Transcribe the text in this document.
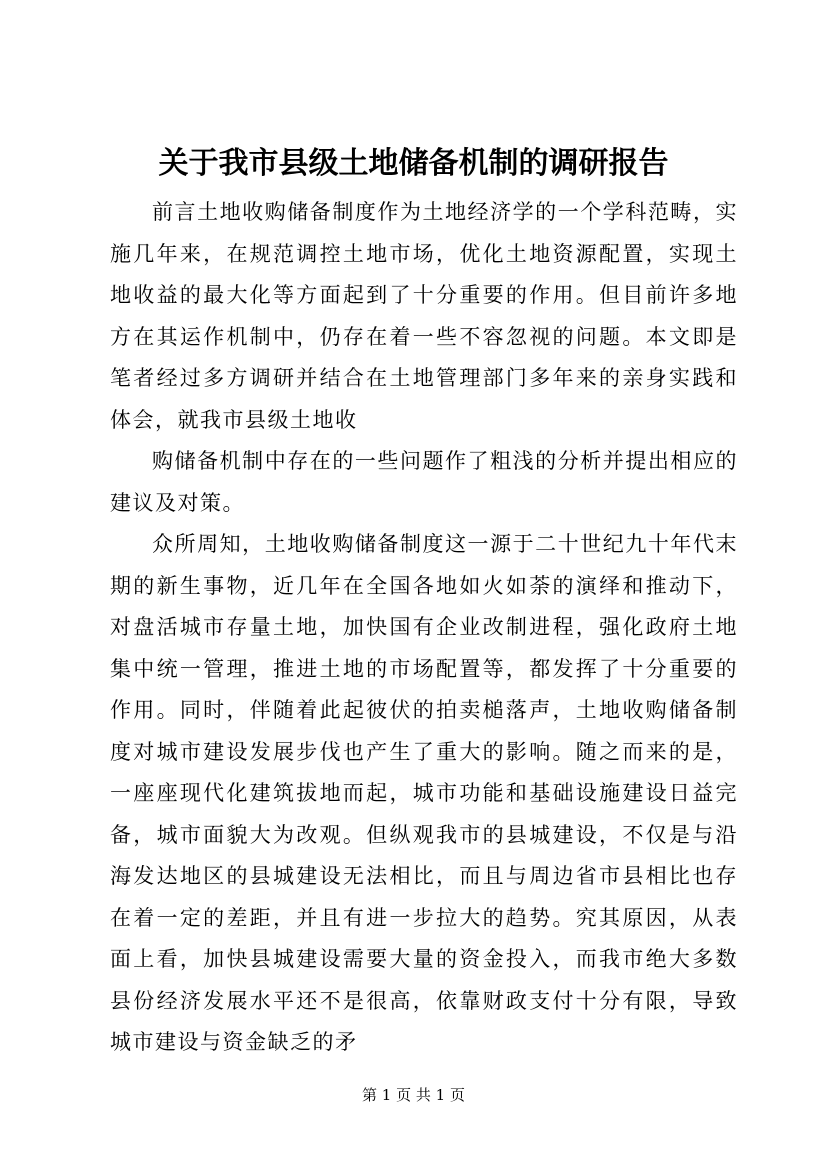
关于我市县级土地储备机制的调研报告

前言土地收购储备制度作为土地经济学的一个学科范畴，实施几年来，在规范调控土地市场，优化土地资源配置，实现土地收益的最大化等方面起到了十分重要的作用。但目前许多地方在其运作机制中，仍存在着一些不容忽视的问题。本文即是笔者经过多方调研并结合在土地管理部门多年来的亲身实践和体会，就我市县级土地收

购储备机制中存在的一些问题作了粗浅的分析并提出相应的建议及对策。

众所周知，土地收购储备制度这一源于二十世纪九十年代末期的新生事物，近几年在全国各地如火如荼的演绎和推动下，对盘活城市存量土地，加快国有企业改制进程，强化政府土地集中统一管理，推进土地的市场配置等，都发挥了十分重要的作用。同时，伴随着此起彼伏的拍卖槌落声，土地收购储备制度对城市建设发展步伐也产生了重大的影响。随之而来的是，一座座现代化建筑拔地而起，城市功能和基础设施建设日益完备，城市面貌大为改观。但纵观我市的县城建设，不仅是与沿海发达地区的县城建设无法相比，而且与周边省市县相比也存在着一定的差距，并且有进一步拉大的趋势。究其原因，从表面上看，加快县城建设需要大量的资金投入，而我市绝大多数县份经济发展水平还不是很高，依靠财政支付十分有限，导致城市建设与资金缺乏的矛

第 1 页 共 1 页
